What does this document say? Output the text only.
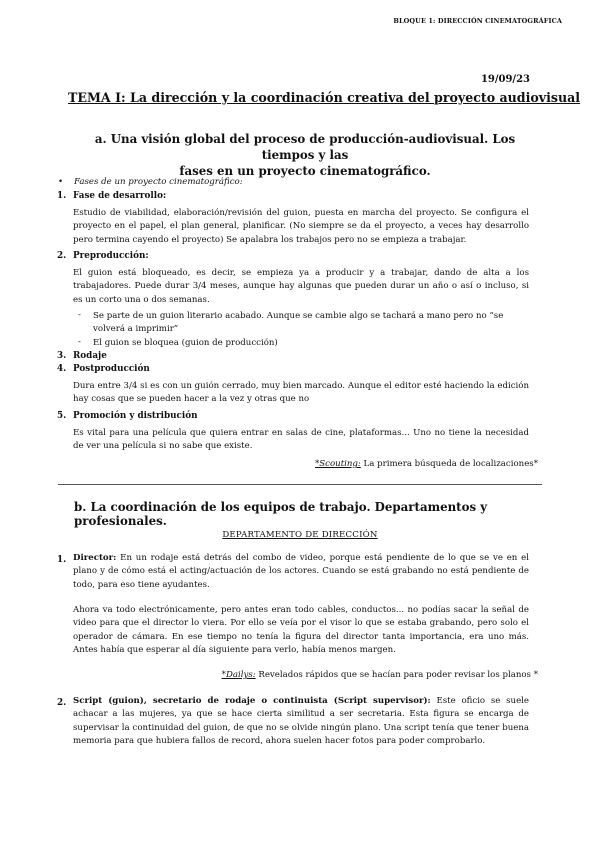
BLOQUE 1: DIRECCIÓN CINEMATOGRÁFICA
19/09/23
TEMA I: La dirección y la coordinación creativa del proyecto audiovisual
a. Una visión global del proceso de producción-audiovisual. Los tiempos y las
fases en un proyecto cinematográfico.
•    Fases de un proyecto cinematográfico:
1. Fase de desarrollo:
Estudio de viabilidad, elaboración/revisión del guion, puesta en marcha del proyecto. Se configura el proyecto en el papel, el plan general, planificar. (No siempre se da el proyecto, a veces hay desarrollo pero termina cayendo el proyecto) Se apalabra los trabajos pero no se empieza a trabajar.
2. Preproducción:
El guion está bloqueado, es decir, se empieza ya a producir y a trabajar, dando de alta a los trabajadores. Puede durar 3/4 meses, aunque hay algunas que pueden durar un año o así o incluso, si es un corto una o dos semanas.
- Se parte de un guion literario acabado. Aunque se cambie algo se tachará a mano pero no “se volverá a imprimir”
- El guion se bloquea (guion de producción)
3. Rodaje
4. Postproducción
Dura entre 3/4 si es con un guión cerrado, muy bien marcado. Aunque el editor esté haciendo la edición hay cosas que se pueden hacer a la vez y otras que no
5. Promoción y distribución
Es vital para una película que quiera entrar en salas de cine, plataformas... Uno no tiene la necesidad de ver una película si no sabe que existe.
*Scouting: La primera búsqueda de localizaciones*
b. La coordinación de los equipos de trabajo. Departamentos y profesionales.
DEPARTAMENTO DE DIRECCIÓN
1. Director: En un rodaje está detrás del combo de video, porque está pendiente de lo que se ve en el plano y de cómo está el acting/actuación de los actores. Cuando se está grabando no está pendiente de todo, para eso tiene ayudantes.
Ahora va todo electrónicamente, pero antes eran todo cables, conductos... no podías sacar la señal de video para que el director lo viera. Por ello se veía por el visor lo que se estaba grabando, pero solo el operador de cámara. En ese tiempo no tenía la figura del director tanta importancia, era uno más. Antes había que esperar al día siguiente para verlo, había menos margen.
*Dailys: Revelados rápidos que se hacían para poder revisar los planos *
2. Script (guion), secretario de rodaje o continuista (Script supervisor): Este oficio se suele achacar a las mujeres, ya que se hace cierta similitud a ser secretaria. Esta figura se encarga de supervisar la continuidad del guion, de que no se olvide ningún plano. Una script tenía que tener buena memoria para que hubiera fallos de record, ahora suelen hacer fotos para poder comprobarlo.
